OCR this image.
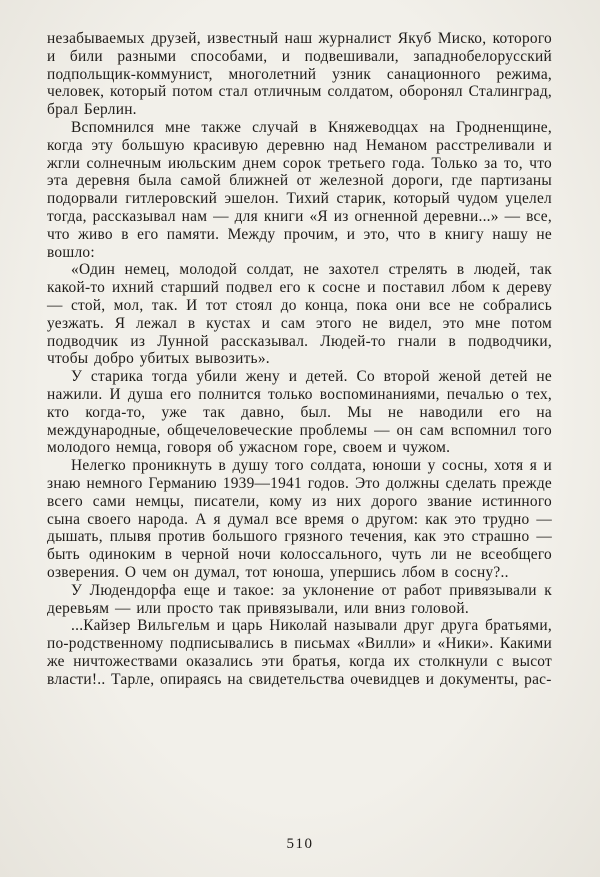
незабываемых друзей, известный наш журналист Якуб Миско, которого и били разными способами, и подвешивали, западнобелорусский подпольщик-коммунист, многолетний узник санационного режима, человек, который потом стал отличным солдатом, оборонял Сталинград, брал Берлин.

Вспомнился мне также случай в Княжеводцах на Гродненщине, когда эту большую красивую деревню над Неманом расстреливали и жгли солнечным июльским днем сорок третьего года. Только за то, что эта деревня была самой ближней от железной дороги, где партизаны подорвали гитлеровский эшелон. Тихий старик, который чудом уцелел тогда, рассказывал нам — для книги «Я из огненной деревни...» — все, что живо в его памяти. Между прочим, и это, что в книгу нашу не вошло:

«Один немец, молодой солдат, не захотел стрелять в людей, так какой-то ихний старший подвел его к сосне и поставил лбом к дереву — стой, мол, так. И тот стоял до конца, пока они все не собрались уезжать. Я лежал в кустах и сам этого не видел, это мне потом подводчик из Лунной рассказывал. Людей-то гнали в подводчики, чтобы добро убитых вывозить».

У старика тогда убили жену и детей. Со второй женой детей не нажили. И душа его полнится только воспоминаниями, печалью о тех, кто когда-то, уже так давно, был. Мы не наводили его на международные, общечеловеческие проблемы — он сам вспомнил того молодого немца, говоря об ужасном горе, своем и чужом.

Нелегко проникнуть в душу того солдата, юноши у сосны, хотя я и знаю немного Германию 1939—1941 годов. Это должны сделать прежде всего сами немцы, писатели, кому из них дорого звание истинного сына своего народа. А я думал все время о другом: как это трудно — дышать, плывя против большого грязного течения, как это страшно — быть одиноким в черной ночи колоссального, чуть ли не всеобщего озверения. О чем он думал, тот юноша, упершись лбом в сосну?..

У Людендорфа еще и такое: за уклонение от работ привязывали к деревьям — или просто так привязывали, или вниз головой.

...Кайзер Вильгельм и царь Николай называли друг друга братьями, по-родственному подписывались в письмах «Вилли» и «Ники». Какими же ничтожествами оказались эти братья, когда их столкнули с высот власти!.. Тарле, опираясь на свидетельства очевидцев и документы, рас-

510
